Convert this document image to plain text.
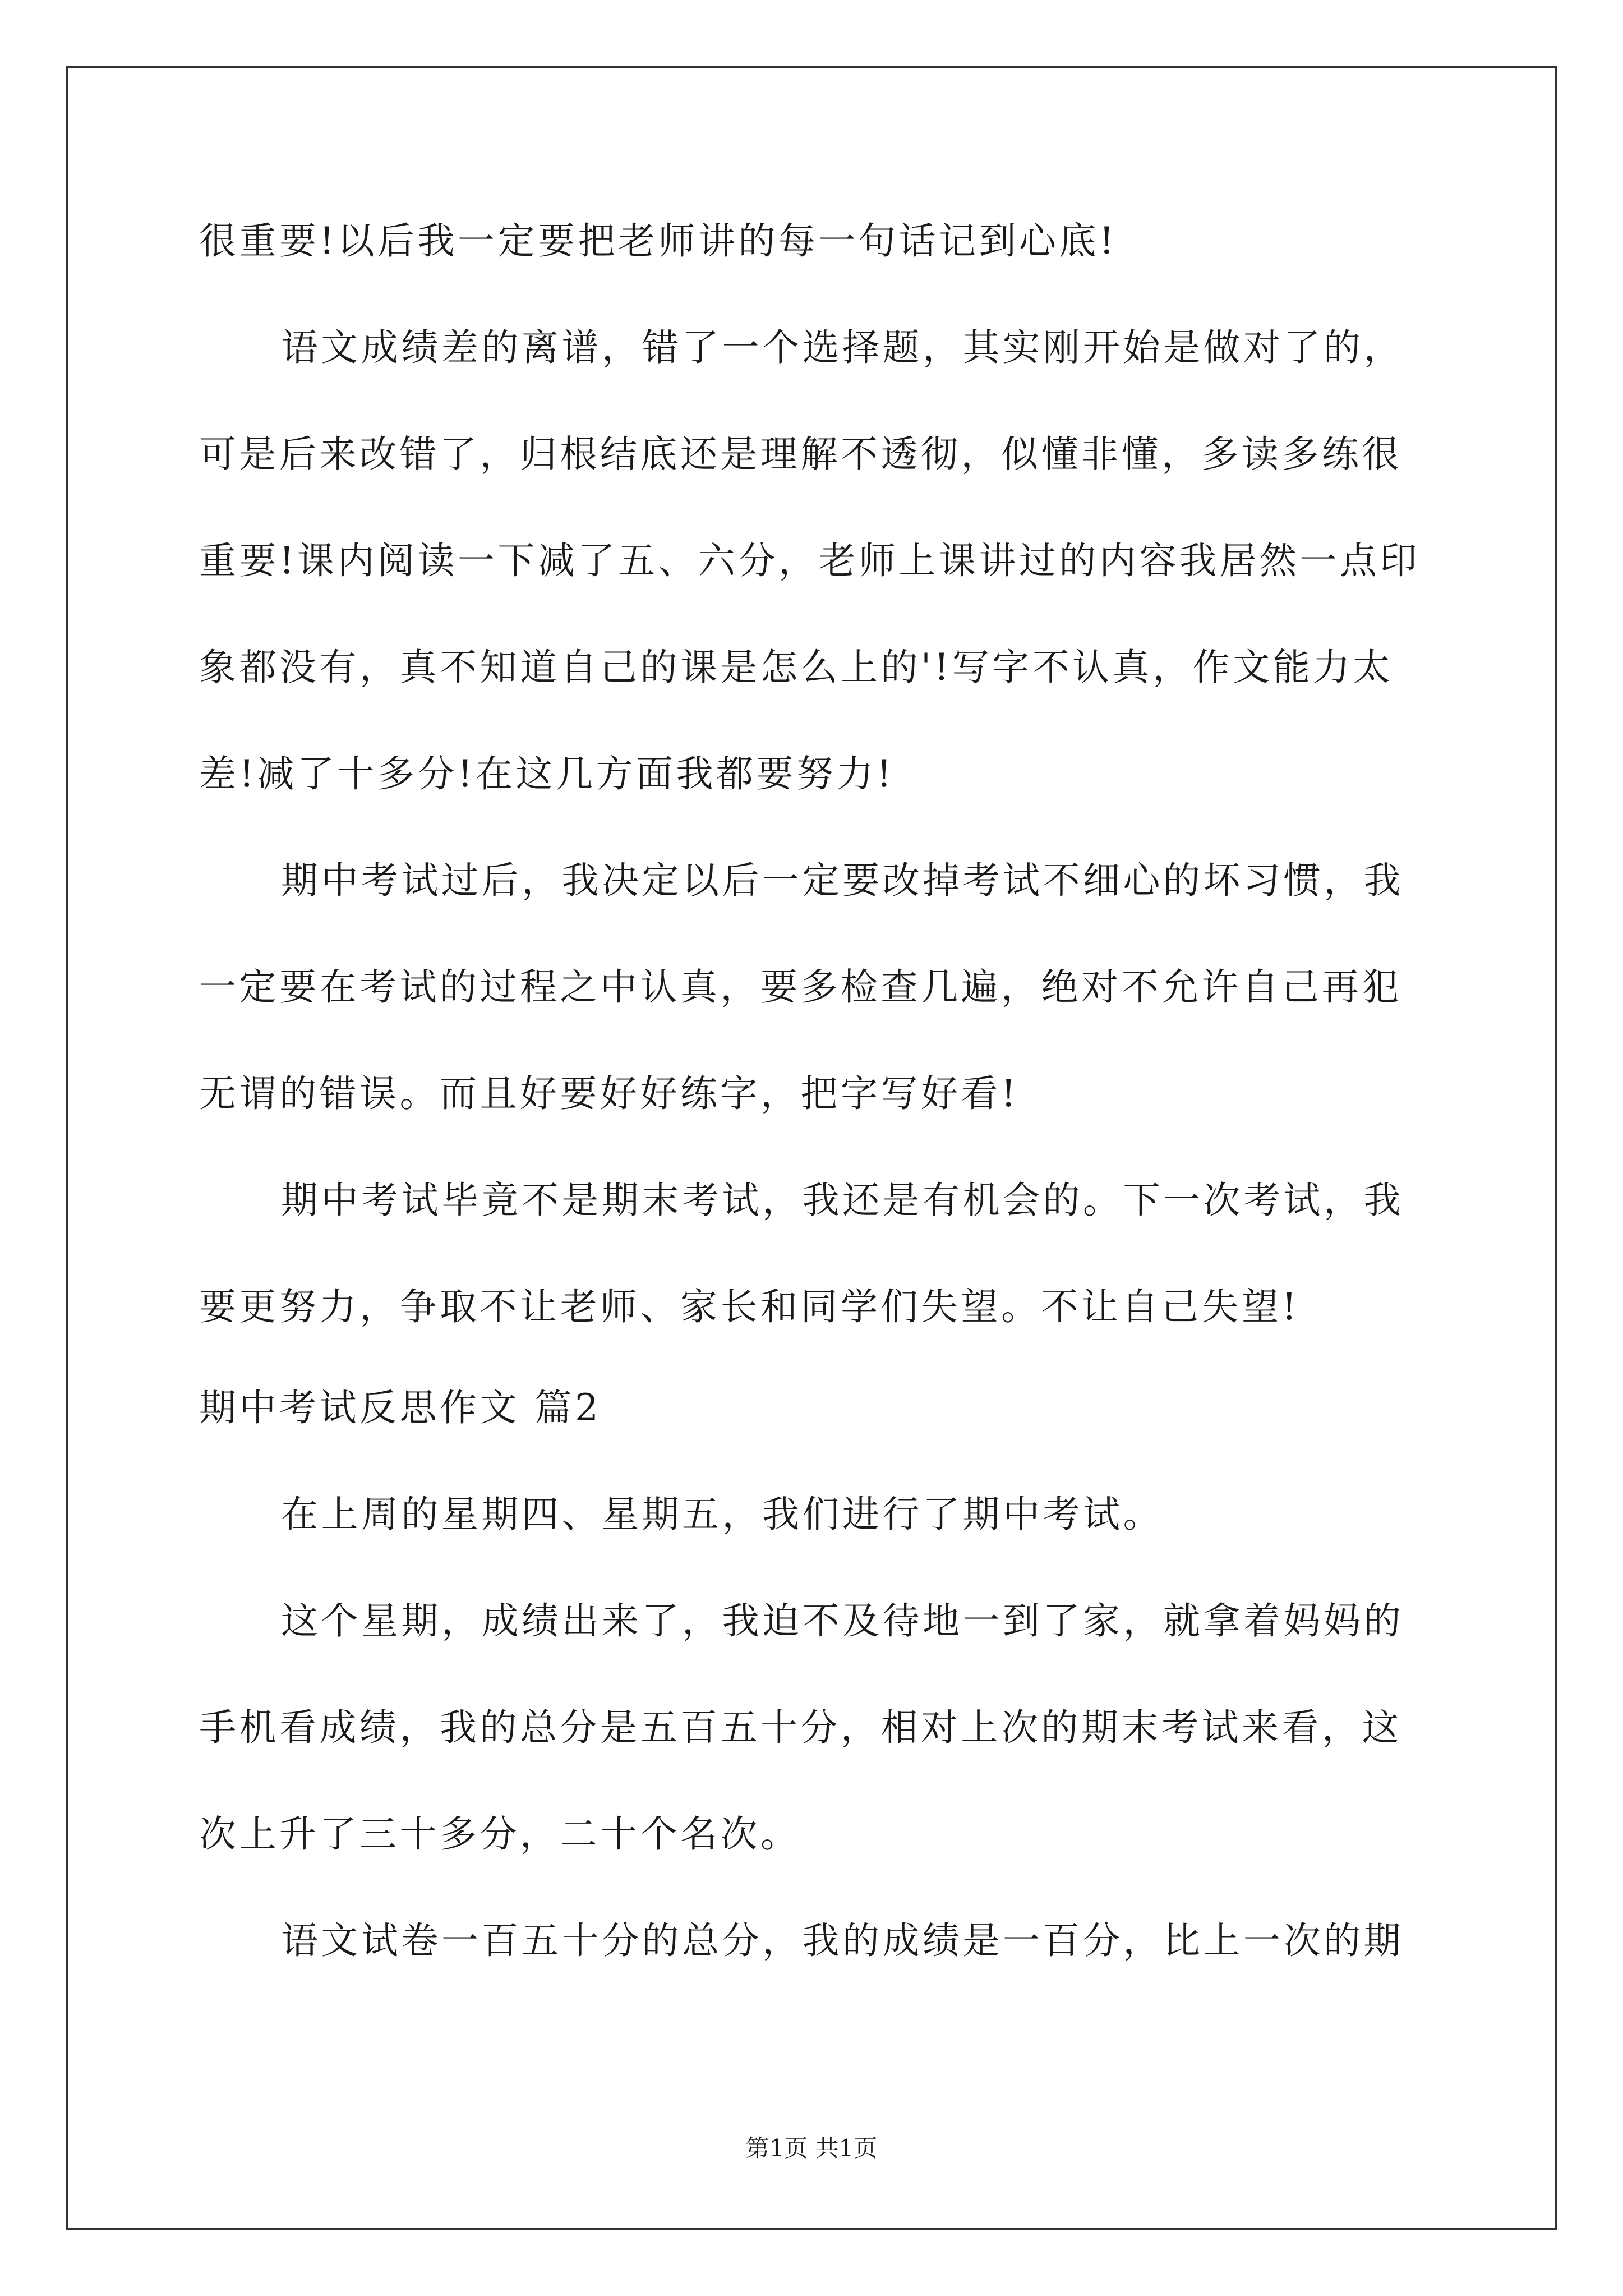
很重要!以后我一定要把老师讲的每一句话记到心底!
语文成绩差的离谱，错了一个选择题，其实刚开始是做对了的，
可是后来改错了，归根结底还是理解不透彻，似懂非懂，多读多练很
重要!课内阅读一下减了五、六分，老师上课讲过的内容我居然一点印
象都没有，真不知道自己的课是怎么上的'!写字不认真，作文能力太
差!减了十多分!在这几方面我都要努力!
期中考试过后，我决定以后一定要改掉考试不细心的坏习惯，我
一定要在考试的过程之中认真，要多检查几遍，绝对不允许自己再犯
无谓的错误。而且好要好好练字，把字写好看!
期中考试毕竟不是期末考试，我还是有机会的。下一次考试，我
要更努力，争取不让老师、家长和同学们失望。不让自己失望!
期中考试反思作文 篇2
在上周的星期四、星期五，我们进行了期中考试。
这个星期，成绩出来了，我迫不及待地一到了家，就拿着妈妈的
手机看成绩，我的总分是五百五十分，相对上次的期末考试来看，这
次上升了三十多分，二十个名次。
语文试卷一百五十分的总分，我的成绩是一百分，比上一次的期
第1页 共1页
